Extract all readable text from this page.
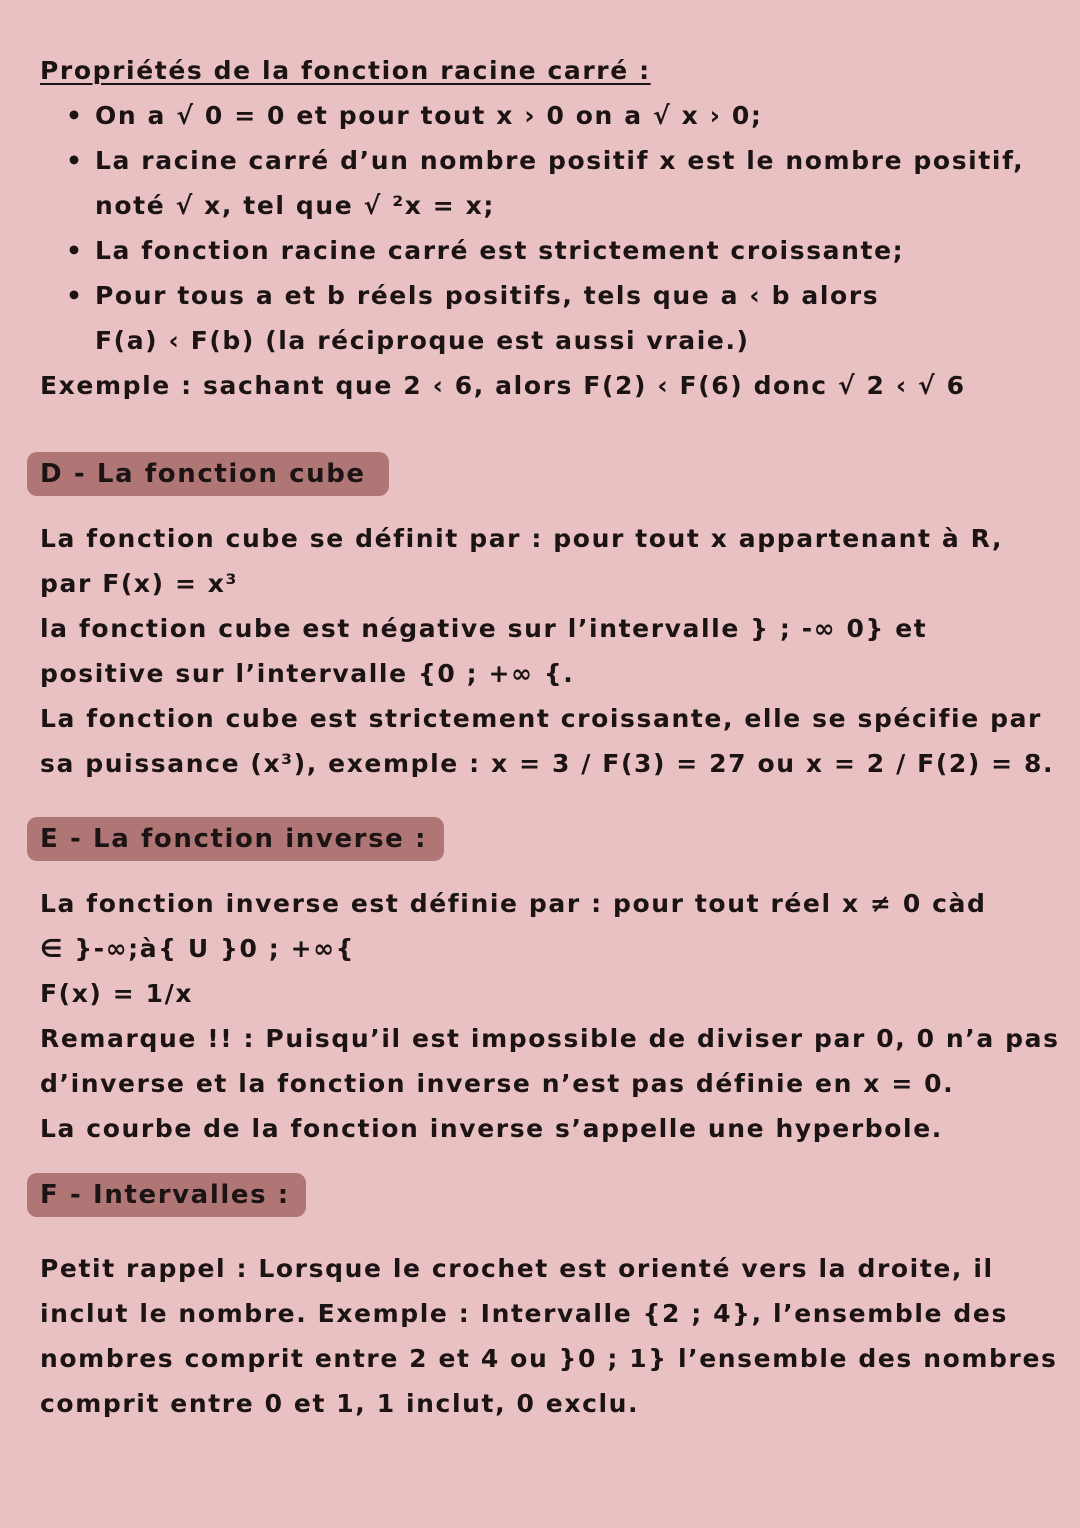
Propriétés de la fonction racine carré :
• On a √ 0 = 0 et pour tout x › 0 on a √ x › 0;
• La racine carré d’un nombre positif x est le nombre positif,
noté √ x, tel que √ ²x = x;
• La fonction racine carré est strictement croissante;
• Pour tous a et b réels positifs, tels que a ‹ b alors
F(a) ‹ F(b) (la réciproque est aussi vraie.)
Exemple : sachant que 2 ‹ 6, alors F(2) ‹ F(6) donc √ 2 ‹ √ 6
D - La fonction cube
La fonction cube se définit par : pour tout x appartenant à R,
par F(x) = x³
la fonction cube est négative sur l’intervalle } ; -∞ 0} et
positive sur l’intervalle {0 ; +∞ {.
La fonction cube est strictement croissante, elle se spécifie par
sa puissance (x³), exemple : x = 3 / F(3) = 27 ou x = 2 / F(2) = 8.
E - La fonction inverse :
La fonction inverse est définie par : pour tout réel x ≠ 0 càd
∈ }-∞;à{ U }0 ; +∞{
F(x) = 1/x
Remarque !! : Puisqu’il est impossible de diviser par 0, 0 n’a pas
d’inverse et la fonction inverse n’est pas définie en x = 0.
La courbe de la fonction inverse s’appelle une hyperbole.
F - Intervalles :
Petit rappel : Lorsque le crochet est orienté vers la droite, il
inclut le nombre. Exemple : Intervalle {2 ; 4}, l’ensemble des
nombres comprit entre 2 et 4 ou }0 ; 1} l’ensemble des nombres
comprit entre 0 et 1, 1 inclut, 0 exclu.
